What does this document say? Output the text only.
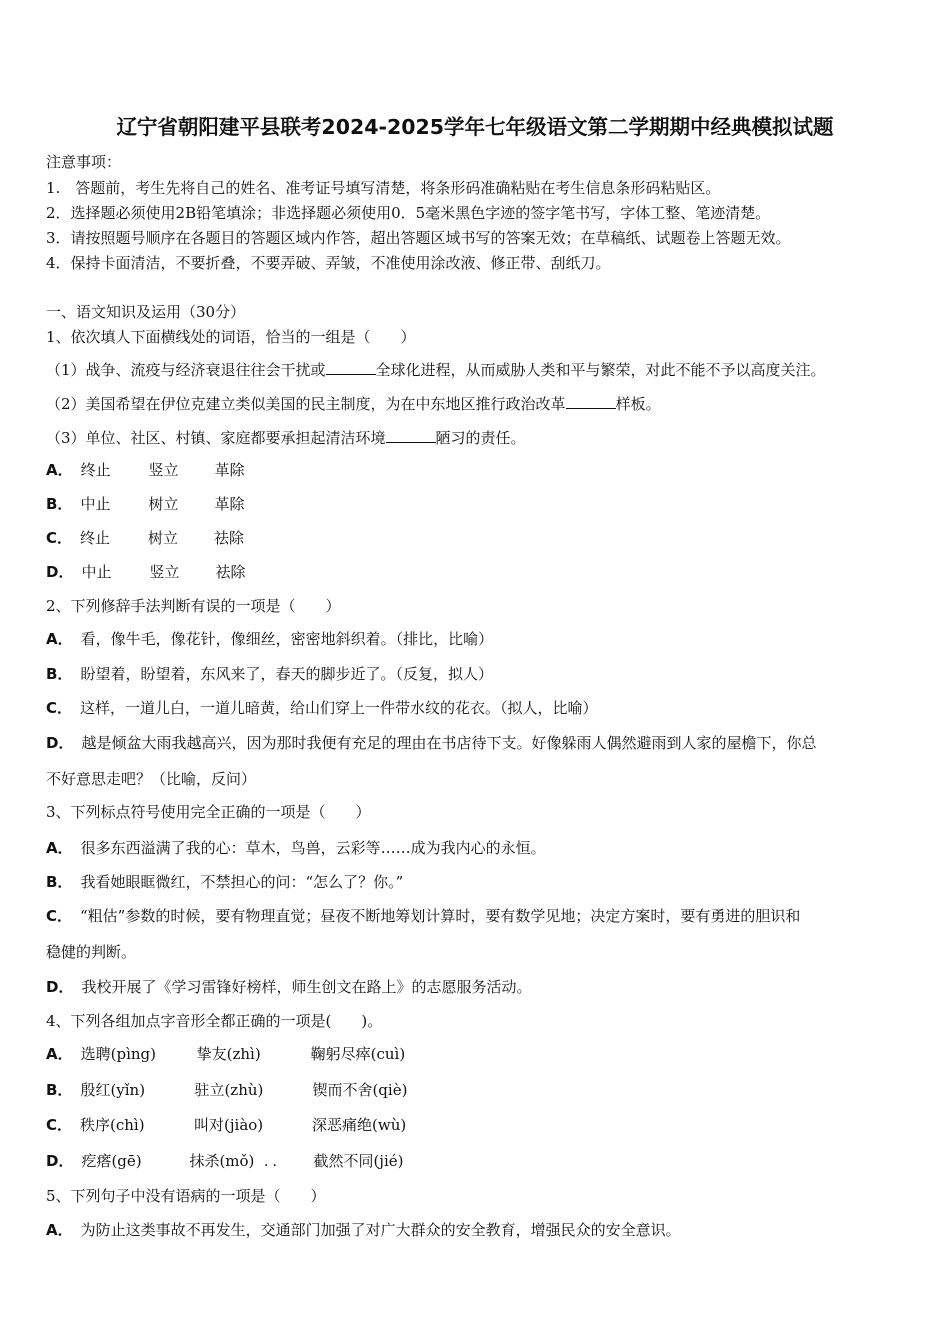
辽宁省朝阳建平县联考2024-2025学年七年级语文第二学期期中经典模拟试题
注意事项：
1.　答题前，考生先将自己的姓名、准考证号填写清楚，将条形码准确粘贴在考生信息条形码粘贴区。
2．选择题必须使用2B铅笔填涂；非选择题必须使用0．5毫米黑色字迹的签字笔书写，字体工整、笔迹清楚。
3．请按照题号顺序在各题目的答题区域内作答，超出答题区域书写的答案无效；在草稿纸、试题卷上答题无效。
4．保持卡面清洁，不要折叠，不要弄破、弄皱，不准使用涂改液、修正带、刮纸刀。
一、语文知识及运用（30分）
1、依次填人下面横线处的词语，恰当的一组是（　　）
（1）战争、流疫与经济衰退往往会干扰或	全球化进程，从而威胁人类和平与繁荣，对此不能不予以高度关注。
（2）美国希望在伊位克建立类似美国的民主制度，为在中东地区推行政治改革	样板。
（3）单位、社区、村镇、家庭都要承担起清洁环境	陋习的责任。
A． 终止	竖立 革除
B． 中止	树立 革除
C． 终止	树立 祛除
D． 中止	竖立 祛除
2、下列修辞手法判断有误的一项是（　　）
A． 看，像牛毛，像花针，像细丝，密密地斜织着。（排比，比喻）
B． 盼望着，盼望着，东风来了，春天的脚步近了。（反复，拟人）
C． 这样，一道儿白，一道儿暗黄，给山们穿上一件带水纹的花衣。（拟人，比喻）
D． 越是倾盆大雨我越高兴，因为那时我便有充足的理由在书店待下支。好像躲雨人偶然避雨到人家的屋檐下，你总
不好意思走吧？（比喻，反问）
3、下列标点符号使用完全正确的一项是（　　）
A． 很多东西溢满了我的心：草木，鸟兽，云彩等……成为我内心的永恒。
B． 我看她眼眶微红，不禁担心的问：“怎么了？你。”
C． “粗估”参数的时候，要有物理直觉；昼夜不断地筹划计算时，要有数学见地；决定方案时，要有勇进的胆识和
稳健的判断。
D． 我校开展了《学习雷锋好榜样，师生创文在路上》的志愿服务活动。
4、下列各组加点字音形全都正确的一项是(　　)。
A． 选聘(pìng)	挚友(zhì)	鞠躬尽瘁(cuì)
B． 殷红(yǐn)	驻立(zhù)	锲而不舍(qiè)
C． 秩序(chì)	叫对(jiào)	深恶痛绝(wù)
D． 疙瘩(gē)	抹杀(mǒ)	截然不同(jié)
··
5、下列句子中没有语病的一项是（　　）
A． 为防止这类事故不再发生，交通部门加强了对广大群众的安全教育，增强民众的安全意识。
